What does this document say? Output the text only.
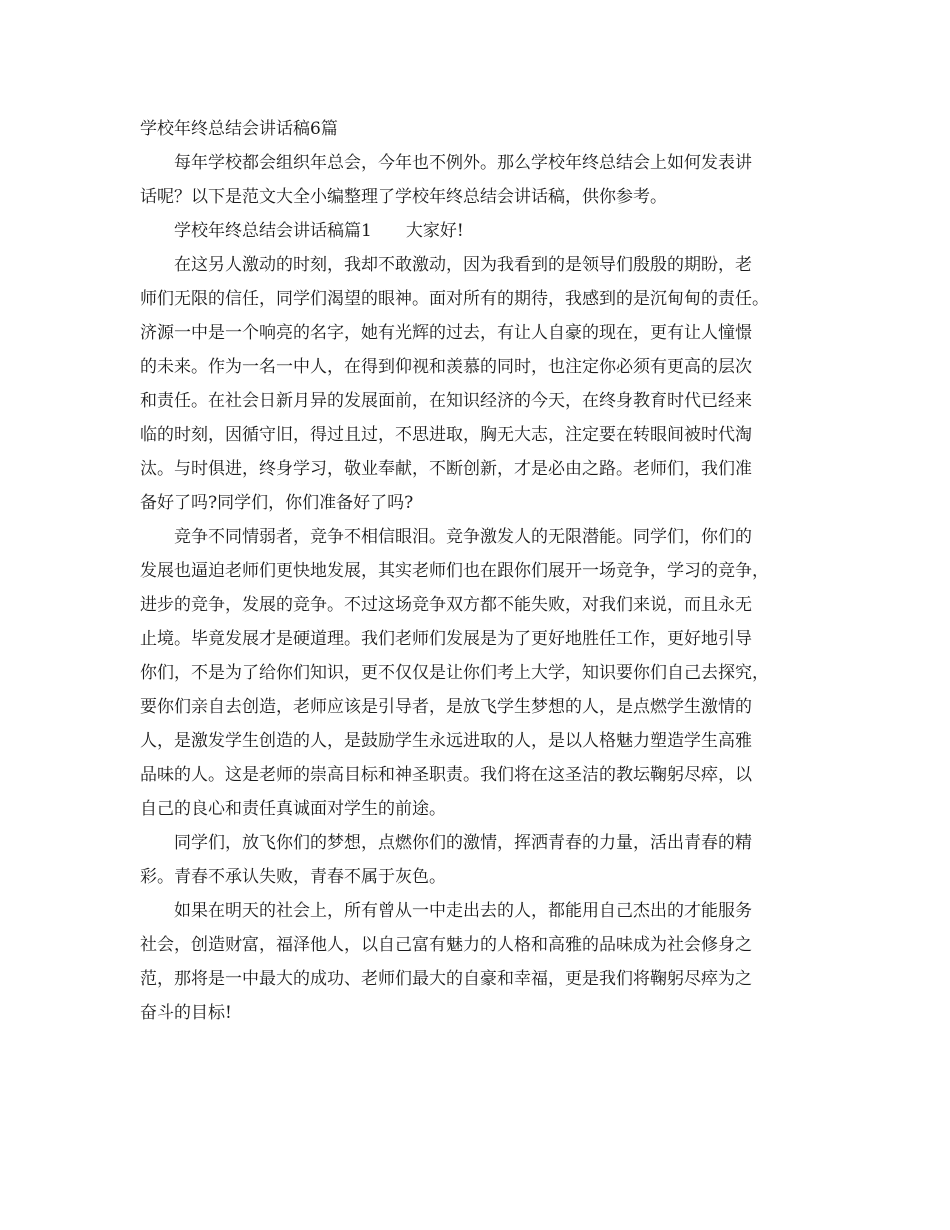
学校年终总结会讲话稿6篇

每年学校都会组织年总会，今年也不例外。那么学校年终总结会上如何发表讲
话呢？以下是范文大全小编整理了学校年终总结会讲话稿，供你参考。

学校年终总结会讲话稿篇1 大家好!

在这另人激动的时刻，我却不敢激动，因为我看到的是领导们殷殷的期盼，老
师们无限的信任，同学们渴望的眼神。面对所有的期待，我感到的是沉甸甸的责任。
济源一中是一个响亮的名字，她有光辉的过去，有让人自豪的现在，更有让人憧憬
的未来。作为一名一中人，在得到仰视和羡慕的同时，也注定你必须有更高的层次
和责任。在社会日新月异的发展面前，在知识经济的今天，在终身教育时代已经来
临的时刻，因循守旧，得过且过，不思进取，胸无大志，注定要在转眼间被时代淘
汰。与时俱进，终身学习，敬业奉献，不断创新，才是必由之路。老师们，我们准
备好了吗?同学们，你们准备好了吗?
竞争不同情弱者，竞争不相信眼泪。竞争激发人的无限潜能。同学们，你们的
发展也逼迫老师们更快地发展，其实老师们也在跟你们展开一场竞争，学习的竞争，
进步的竞争，发展的竞争。不过这场竞争双方都不能失败，对我们来说，而且永无
止境。毕竟发展才是硬道理。我们老师们发展是为了更好地胜任工作，更好地引导
你们，不是为了给你们知识，更不仅仅是让你们考上大学，知识要你们自己去探究，
要你们亲自去创造，老师应该是引导者，是放飞学生梦想的人，是点燃学生激情的
人，是激发学生创造的人，是鼓励学生永远进取的人，是以人格魅力塑造学生高雅
品味的人。这是老师的崇高目标和神圣职责。我们将在这圣洁的教坛鞠躬尽瘁，以
自己的良心和责任真诚面对学生的前途。
同学们，放飞你们的梦想，点燃你们的激情，挥洒青春的力量，活出青春的精
彩。青春不承认失败，青春不属于灰色。
如果在明天的社会上，所有曾从一中走出去的人，都能用自己杰出的才能服务
社会，创造财富，福泽他人，以自己富有魅力的人格和高雅的品味成为社会修身之
范，那将是一中最大的成功、老师们最大的自豪和幸福，更是我们将鞠躬尽瘁为之
奋斗的目标!
